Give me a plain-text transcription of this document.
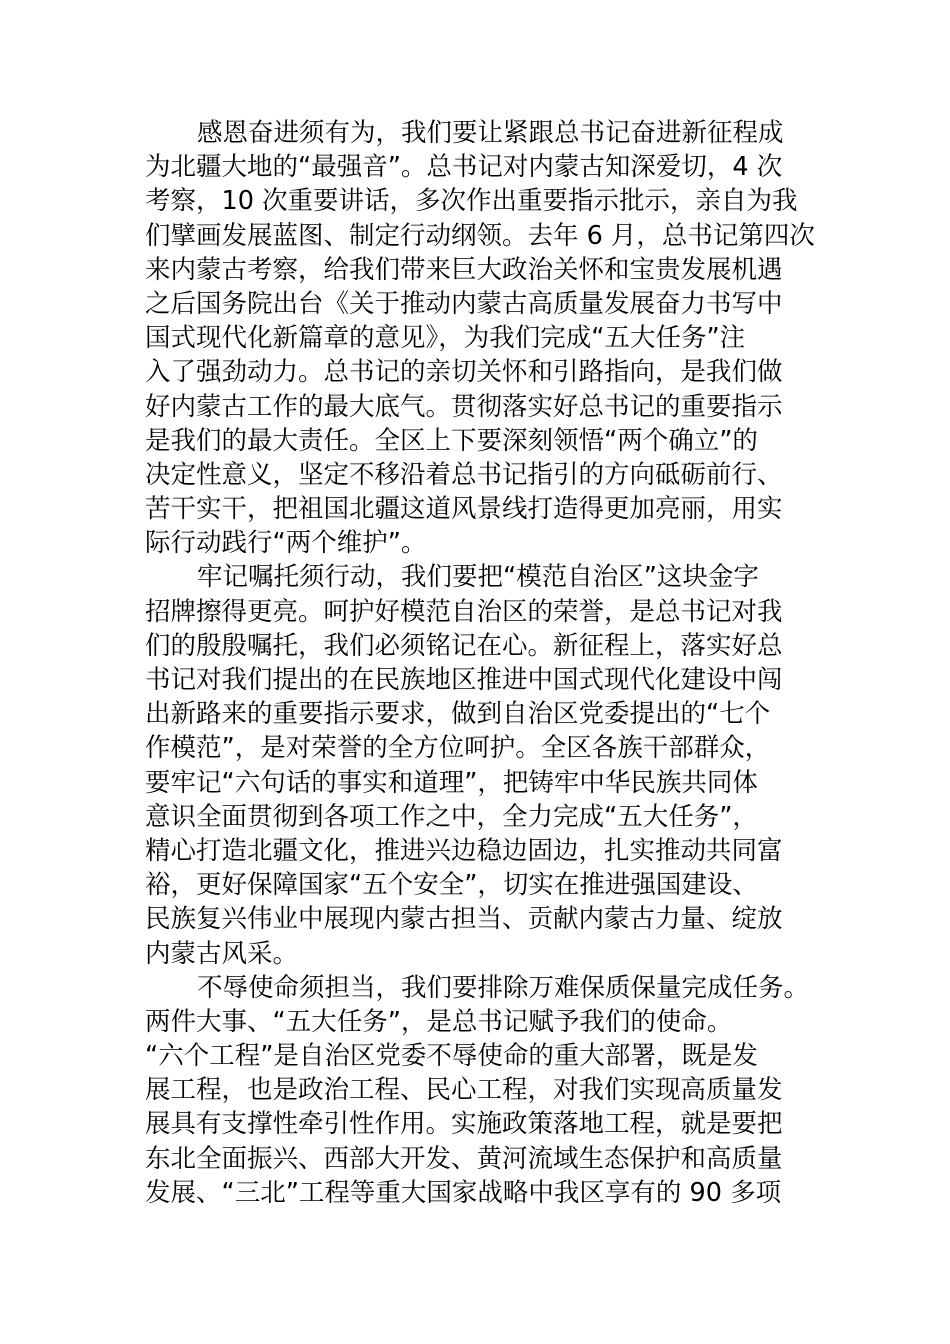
感恩奋进须有为，我们要让紧跟总书记奋进新征程成
为北疆大地的“最强音”。总书记对内蒙古知深爱切，4 次
考察，10 次重要讲话，多次作出重要指示批示，亲自为我
们擘画发展蓝图、制定行动纲领。去年 6 月，总书记第四次
来内蒙古考察，给我们带来巨大政治关怀和宝贵发展机遇
之后国务院出台《关于推动内蒙古高质量发展奋力书写中
国式现代化新篇章的意见》，为我们完成“五大任务”注
入了强劲动力。总书记的亲切关怀和引路指向，是我们做
好内蒙古工作的最大底气。贯彻落实好总书记的重要指示
是我们的最大责任。全区上下要深刻领悟“两个确立”的
决定性意义，坚定不移沿着总书记指引的方向砥砺前行、
苦干实干，把祖国北疆这道风景线打造得更加亮丽，用实
际行动践行“两个维护”。
牢记嘱托须行动，我们要把“模范自治区”这块金字
招牌擦得更亮。呵护好模范自治区的荣誉，是总书记对我
们的殷殷嘱托，我们必须铭记在心。新征程上，落实好总
书记对我们提出的在民族地区推进中国式现代化建设中闯
出新路来的重要指示要求，做到自治区党委提出的“七个
作模范”，是对荣誉的全方位呵护。全区各族干部群众，
要牢记“六句话的事实和道理”，把铸牢中华民族共同体
意识全面贯彻到各项工作之中，全力完成“五大任务”，
精心打造北疆文化，推进兴边稳边固边，扎实推动共同富
裕，更好保障国家“五个安全”，切实在推进强国建设、
民族复兴伟业中展现内蒙古担当、贡献内蒙古力量、绽放
内蒙古风采。
不辱使命须担当，我们要排除万难保质保量完成任务。
两件大事、“五大任务”，是总书记赋予我们的使命。
“六个工程”是自治区党委不辱使命的重大部署，既是发
展工程，也是政治工程、民心工程，对我们实现高质量发
展具有支撑性牵引性作用。实施政策落地工程，就是要把
东北全面振兴、西部大开发、黄河流域生态保护和高质量
发展、“三北”工程等重大国家战略中我区享有的 90 多项
